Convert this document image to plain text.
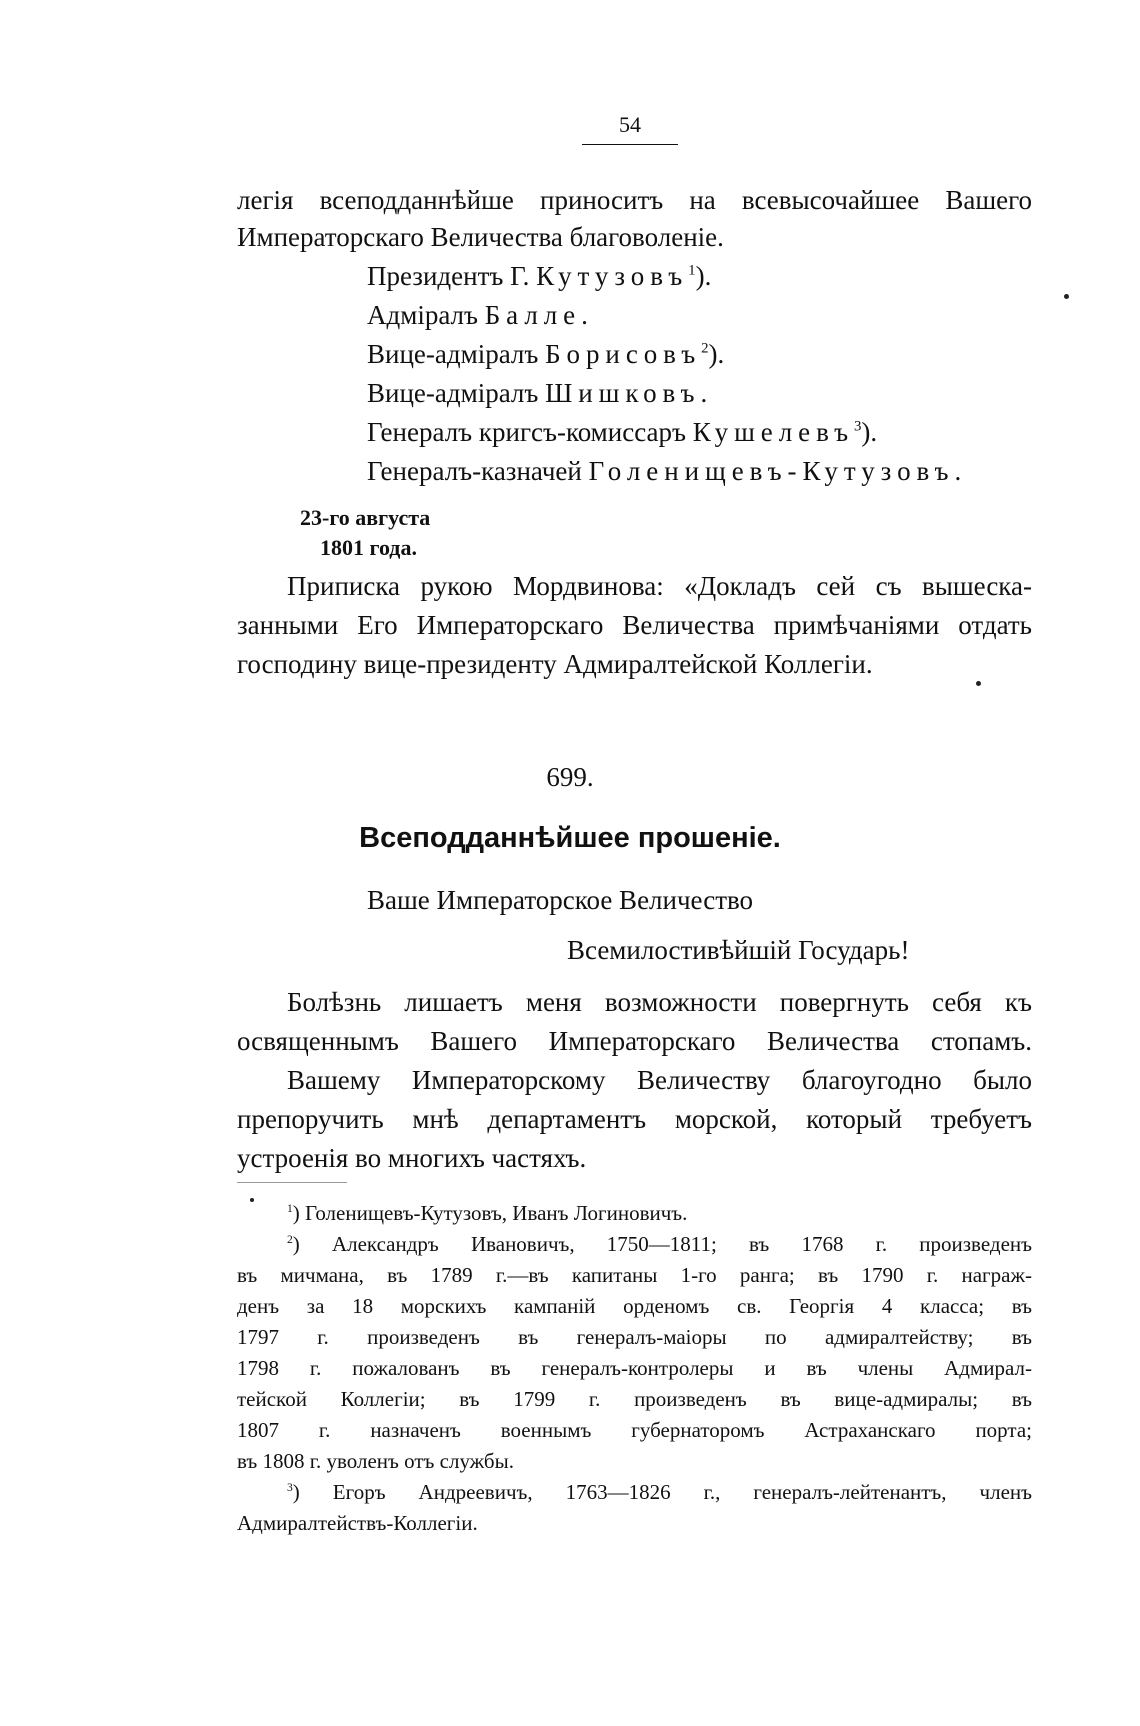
54
легія всеподданнѣйше приноситъ на всевысочайшее Вашего
Императорскаго Величества благоволеніе.
Президентъ Г. Кутузовъ$^1$).
Адміралъ Балле.
Вице-адміралъ Борисовъ$^2$).
Вице-адміралъ Шишковъ.
Генералъ кригсъ-комиссаръ Кушелевъ$^3$).
Генералъ-казначей Голенищевъ-Кутузовъ.
23-го августа
1801 года.
Приписка рукою Мордвинова: «Докладъ сей съ вышеска-
занными Его Императорскаго Величества примѣчаніями отдать
господину вице-президенту Адмиралтейской Коллегіи.
699.
Всеподданнѣйшее прошеніе.
Ваше Императорское Величество
Всемилостивѣйшій Государь!
Болѣзнь лишаетъ меня возможности повергнуть себя къ
освященнымъ Вашего Императорскаго Величества стопамъ.
Вашему Императорскому Величеству благоугодно было
препоручить мнѣ департаментъ морской, который требуетъ
устроенія во многихъ частяхъ.
$^1$) Голенищевъ-Кутузовъ, Иванъ Логиновичъ.
$^2$) Александръ Ивановичъ, 1750—1811; въ 1768 г. произведенъ
въ мичмана, въ 1789 г.—въ капитаны 1-го ранга; въ 1790 г. награж-
денъ за 18 морскихъ кампаній орденомъ св. Георгія 4 класса; въ
1797 г. произведенъ въ генералъ-маіоры по адмиралтейству; въ
1798 г. пожалованъ въ генералъ-контролеры и въ члены Адмирал-
тейской Коллегіи; въ 1799 г. произведенъ въ вице-адмиралы; въ
1807 г. назначенъ военнымъ губернаторомъ Астраханскаго порта;
въ 1808 г. уволенъ отъ службы.
$^3$) Егоръ Андреевичъ, 1763—1826 г., генералъ-лейтенантъ, членъ
Адмиралтействъ-Коллегіи.
